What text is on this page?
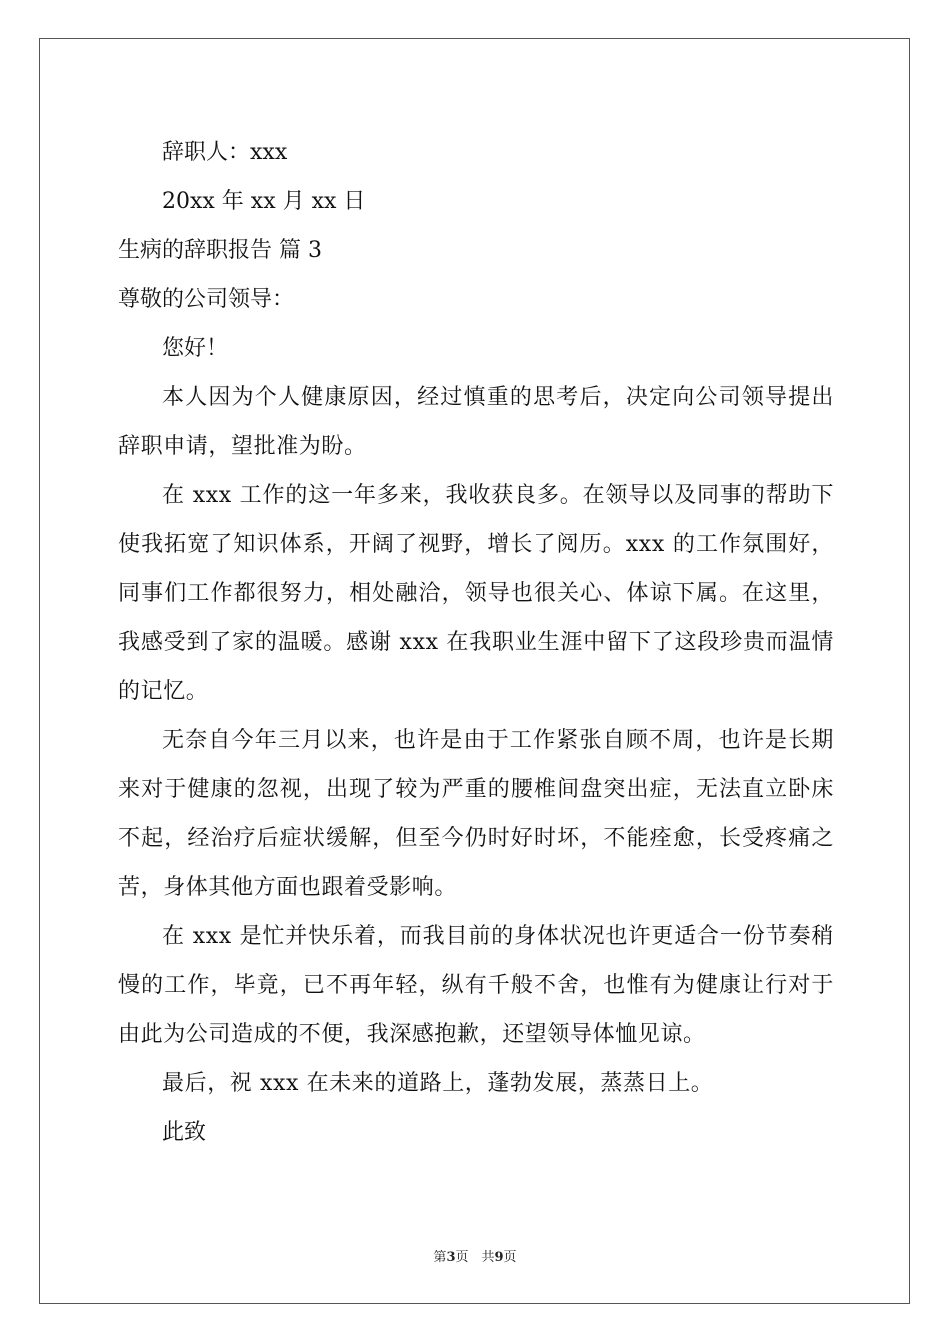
辞职人：xxx
20xx 年 xx 月 xx 日
生病的辞职报告 篇 3
尊敬的公司领导：
您好！

本人因为个人健康原因，经过慎重的思考后，决定向公司领导提出辞职申请，望批准为盼。

在 xxx 工作的这一年多来，我收获良多。在领导以及同事的帮助下使我拓宽了知识体系，开阔了视野，增长了阅历。xxx 的工作氛围好，同事们工作都很努力，相处融洽，领导也很关心、体谅下属。在这里，我感受到了家的温暖。感谢 xxx 在我职业生涯中留下了这段珍贵而温情的记忆。

无奈自今年三月以来，也许是由于工作紧张自顾不周，也许是长期来对于健康的忽视，出现了较为严重的腰椎间盘突出症，无法直立卧床不起，经治疗后症状缓解，但至今仍时好时坏，不能痊愈，长受疼痛之苦，身体其他方面也跟着受影响。

在 xxx 是忙并快乐着，而我目前的身体状况也许更适合一份节奏稍慢的工作，毕竟，已不再年轻，纵有千般不舍，也惟有为健康让行对于由此为公司造成的不便，我深感抱歉，还望领导体恤见谅。

最后，祝 xxx 在未来的道路上，蓬勃发展，蒸蒸日上。

此致
第3页　共9页
